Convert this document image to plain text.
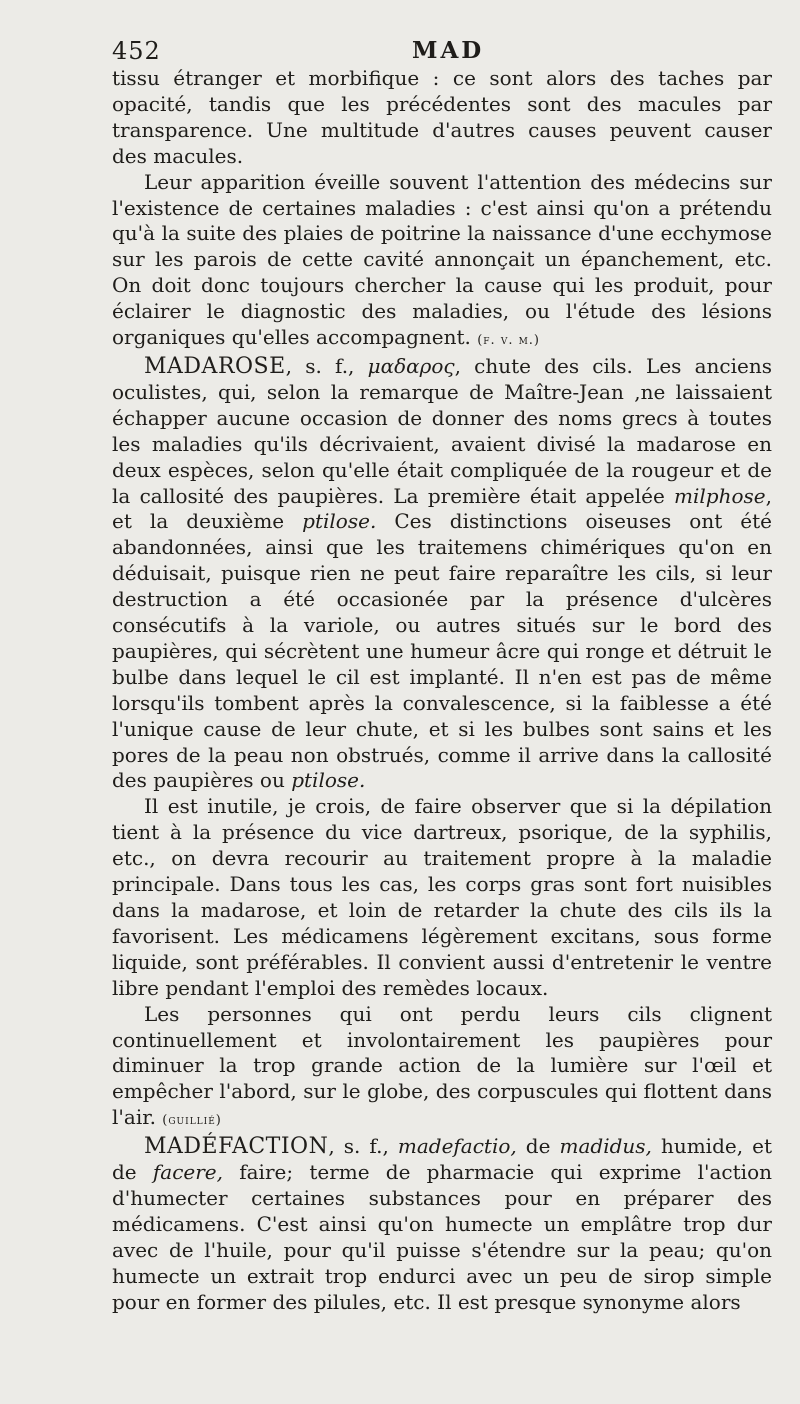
452	MAD

tissu étranger et morbifique : ce sont alors des taches par opacité, tandis que les précédentes sont des macules par transparence. Une multitude d'autres causes peuvent causer des macules.

Leur apparition éveille souvent l'attention des médecins sur l'existence de certaines maladies : c'est ainsi qu'on a prétendu qu'à la suite des plaies de poitrine la naissance d'une ecchymose sur les parois de cette cavité annonçait un épanchement, etc. On doit donc toujours chercher la cause qui les produit, pour éclairer le diagnostic des maladies, ou l'étude des lésions organiques qu'elles accompagnent. (f. v. m.)

MADAROSE, s. f., μαδαρος, chute des cils. Les anciens oculistes, qui, selon la remarque de Maître-Jean ,ne laissaient échapper aucune occasion de donner des noms grecs à toutes les maladies qu'ils décrivaient, avaient divisé la madarose en deux espèces, selon qu'elle était compliquée de la rougeur et de la callosité des paupières. La première était appelée milphose, et la deuxième ptilose. Ces distinctions oiseuses ont été abandonnées, ainsi que les traitemens chimériques qu'on en déduisait, puisque rien ne peut faire reparaître les cils, si leur destruction a été occasionée par la présence d'ulcères consécutifs à la variole, ou autres situés sur le bord des paupières, qui sécrètent une humeur âcre qui ronge et détruit le bulbe dans lequel le cil est implanté. Il n'en est pas de même lorsqu'ils tombent après la convalescence, si la faiblesse a été l'unique cause de leur chute, et si les bulbes sont sains et les pores de la peau non obstrués, comme il arrive dans la callosité des paupières ou ptilose.

Il est inutile, je crois, de faire observer que si la dépilation tient à la présence du vice dartreux, psorique, de la syphilis, etc., on devra recourir au traitement propre à la maladie principale. Dans tous les cas, les corps gras sont fort nuisibles dans la madarose, et loin de retarder la chute des cils ils la favorisent. Les médicamens légèrement excitans, sous forme liquide, sont préférables. Il convient aussi d'entretenir le ventre libre pendant l'emploi des remèdes locaux.

Les personnes qui ont perdu leurs cils clignent continuellement et involontairement les paupières pour diminuer la trop grande action de la lumière sur l'œil et empêcher l'abord, sur le globe, des corpuscules qui flottent dans l'air. (guillié)

MADÉFACTION, s. f., madefactio, de madidus, humide, et de facere, faire; terme de pharmacie qui exprime l'action d'humecter certaines substances pour en préparer des médicamens. C'est ainsi qu'on humecte un emplâtre trop dur avec de l'huile, pour qu'il puisse s'étendre sur la peau; qu'on humecte un extrait trop endurci avec un peu de sirop simple pour en former des pilules, etc. Il est presque synonyme alors
